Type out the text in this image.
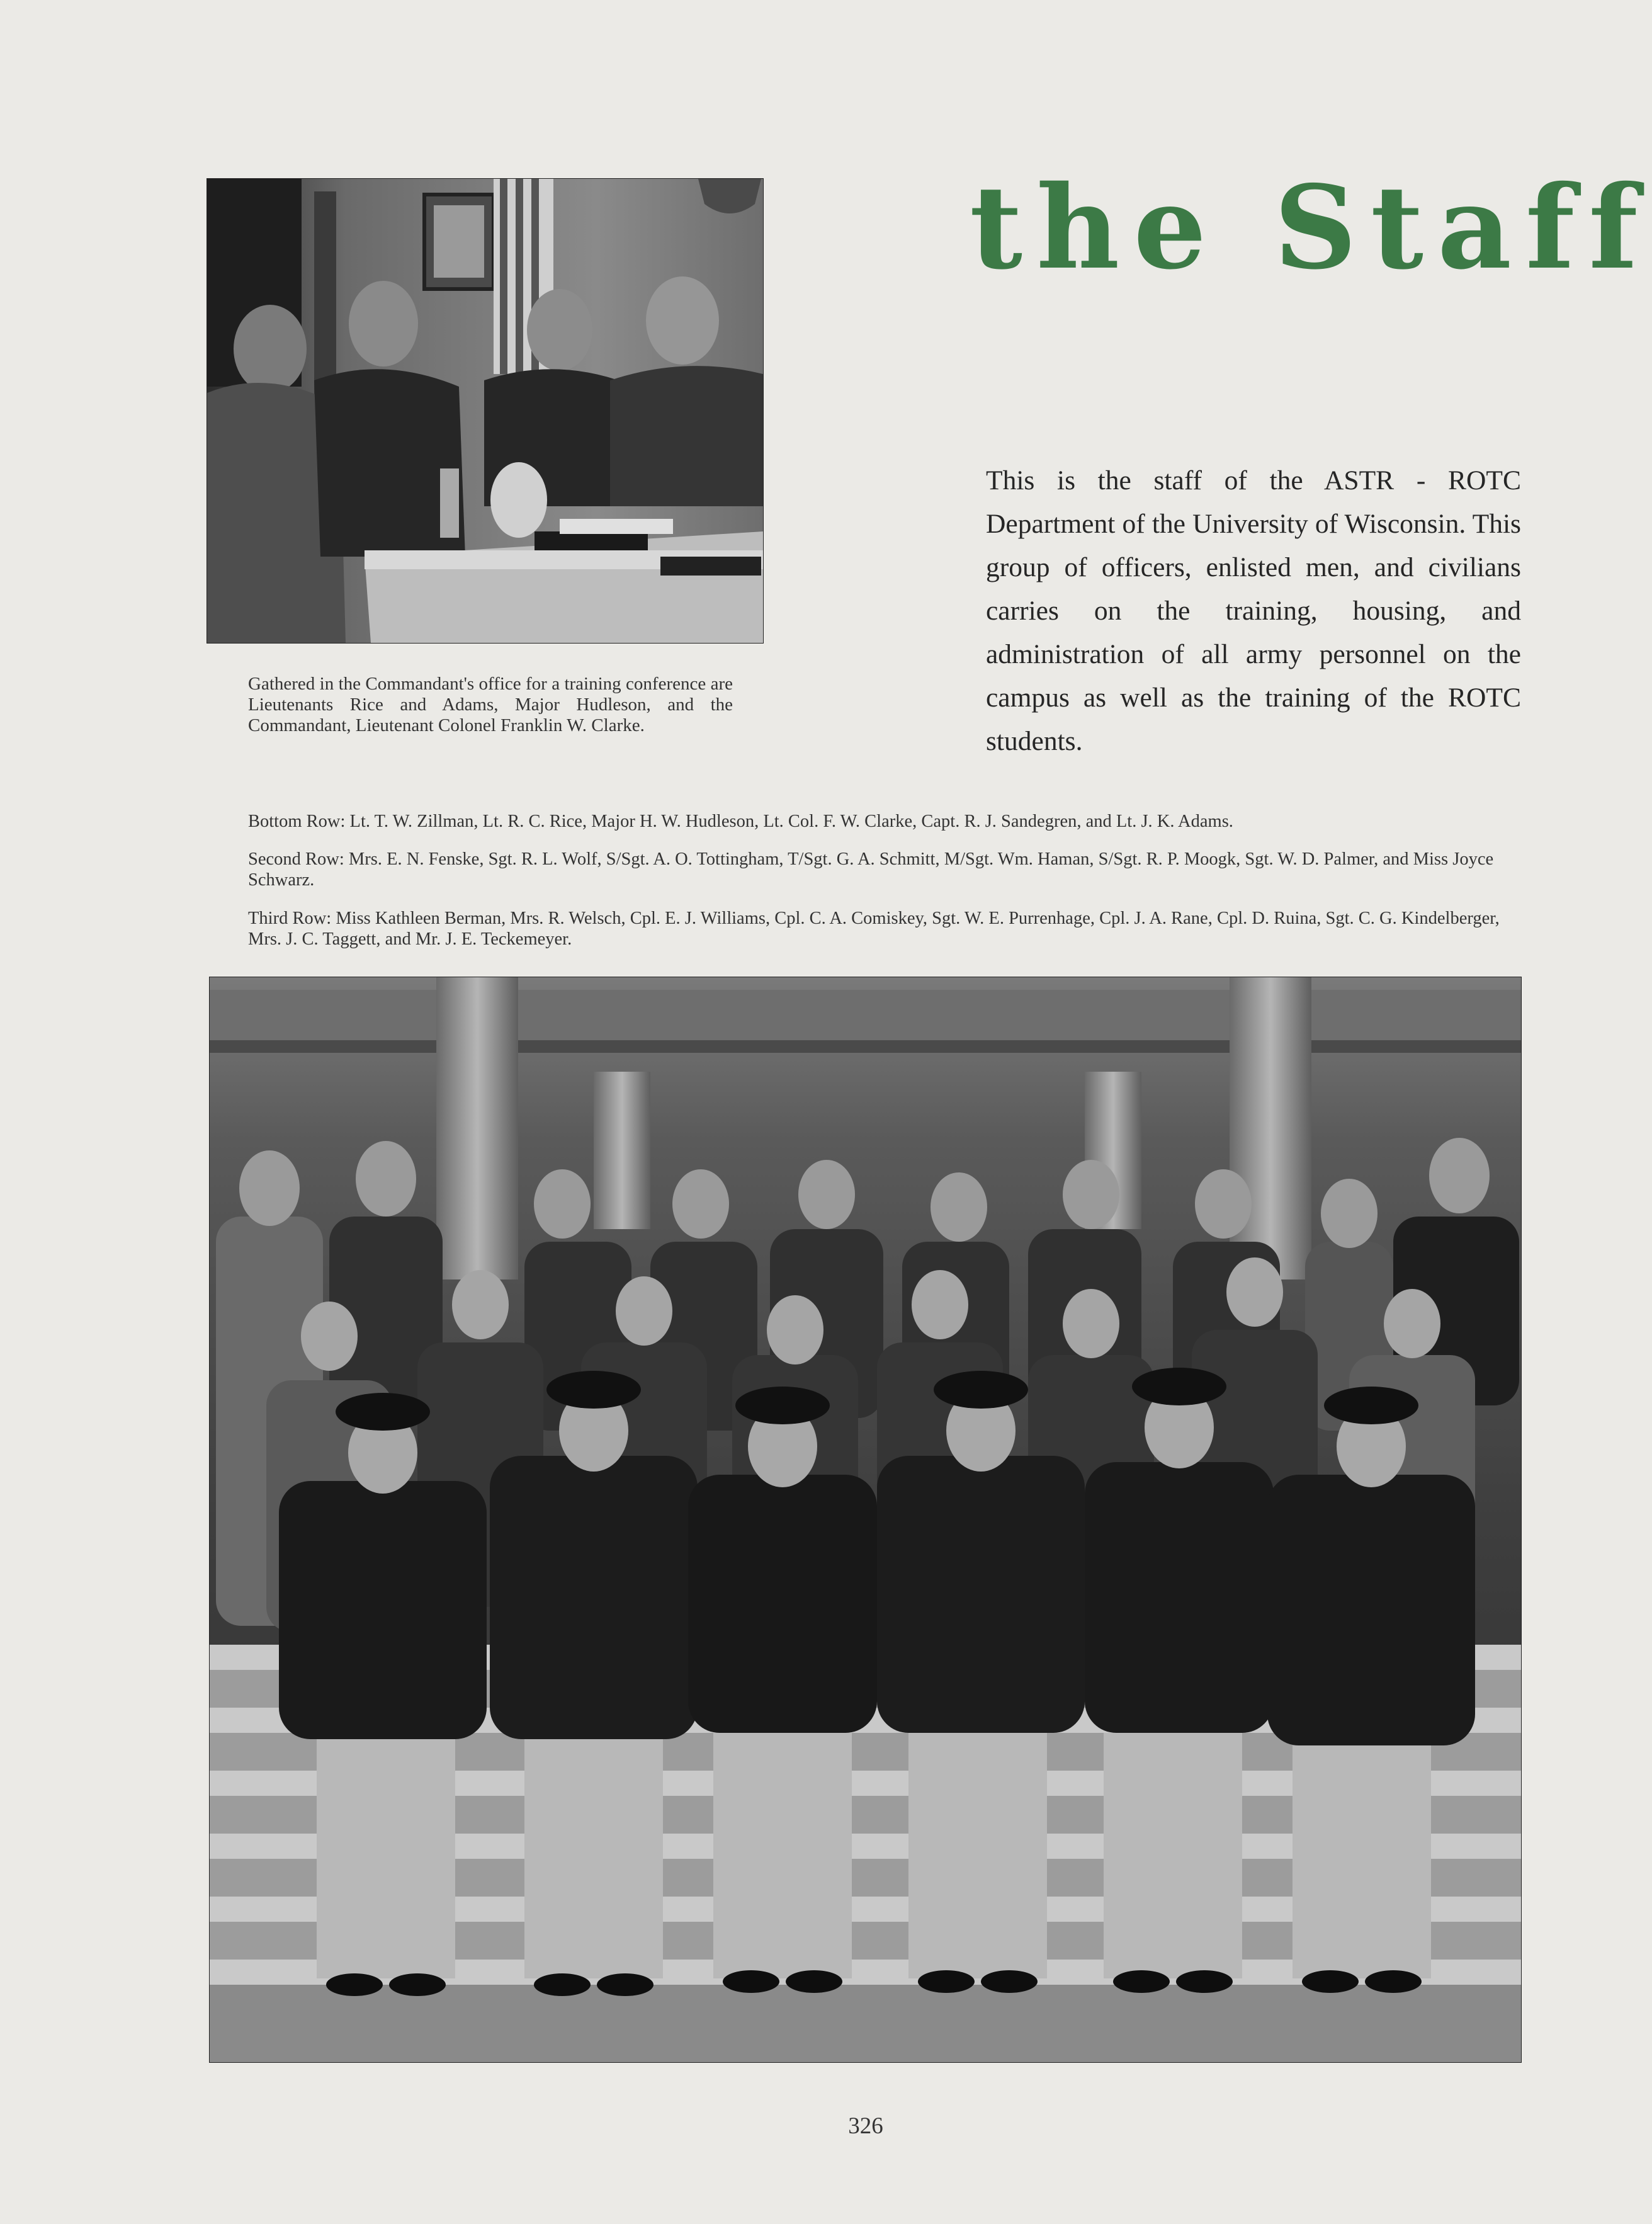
the Staff
This is the staff of the ASTR - ROTC Department of the University of Wisconsin. This group of officers, enlisted men, and civilians carries on the training, housing, and administration of all army personnel on the campus as well as the training of the ROTC students.
Gathered in the Commandant's office for a training conference are Lieutenants Rice and Adams, Major Hudleson, and the Commandant, Lieutenant Colonel Franklin W. Clarke.
Bottom Row: Lt. T. W. Zillman, Lt. R. C. Rice, Major H. W. Hudleson, Lt. Col. F. W. Clarke, Capt. R. J. Sandegren, and Lt. J. K. Adams.
Second Row: Mrs. E. N. Fenske, Sgt. R. L. Wolf, S/Sgt. A. O. Tottingham, T/Sgt. G. A. Schmitt, M/Sgt. Wm. Haman, S/Sgt. R. P. Moogk, Sgt. W. D. Palmer, and Miss Joyce Schwarz.
Third Row: Miss Kathleen Berman, Mrs. R. Welsch, Cpl. E. J. Williams, Cpl. C. A. Comiskey, Sgt. W. E. Purrenhage, Cpl. J. A. Rane, Cpl. D. Ruina, Sgt. C. G. Kindelberger, Mrs. J. C. Taggett, and Mr. J. E. Teckemeyer.
326
